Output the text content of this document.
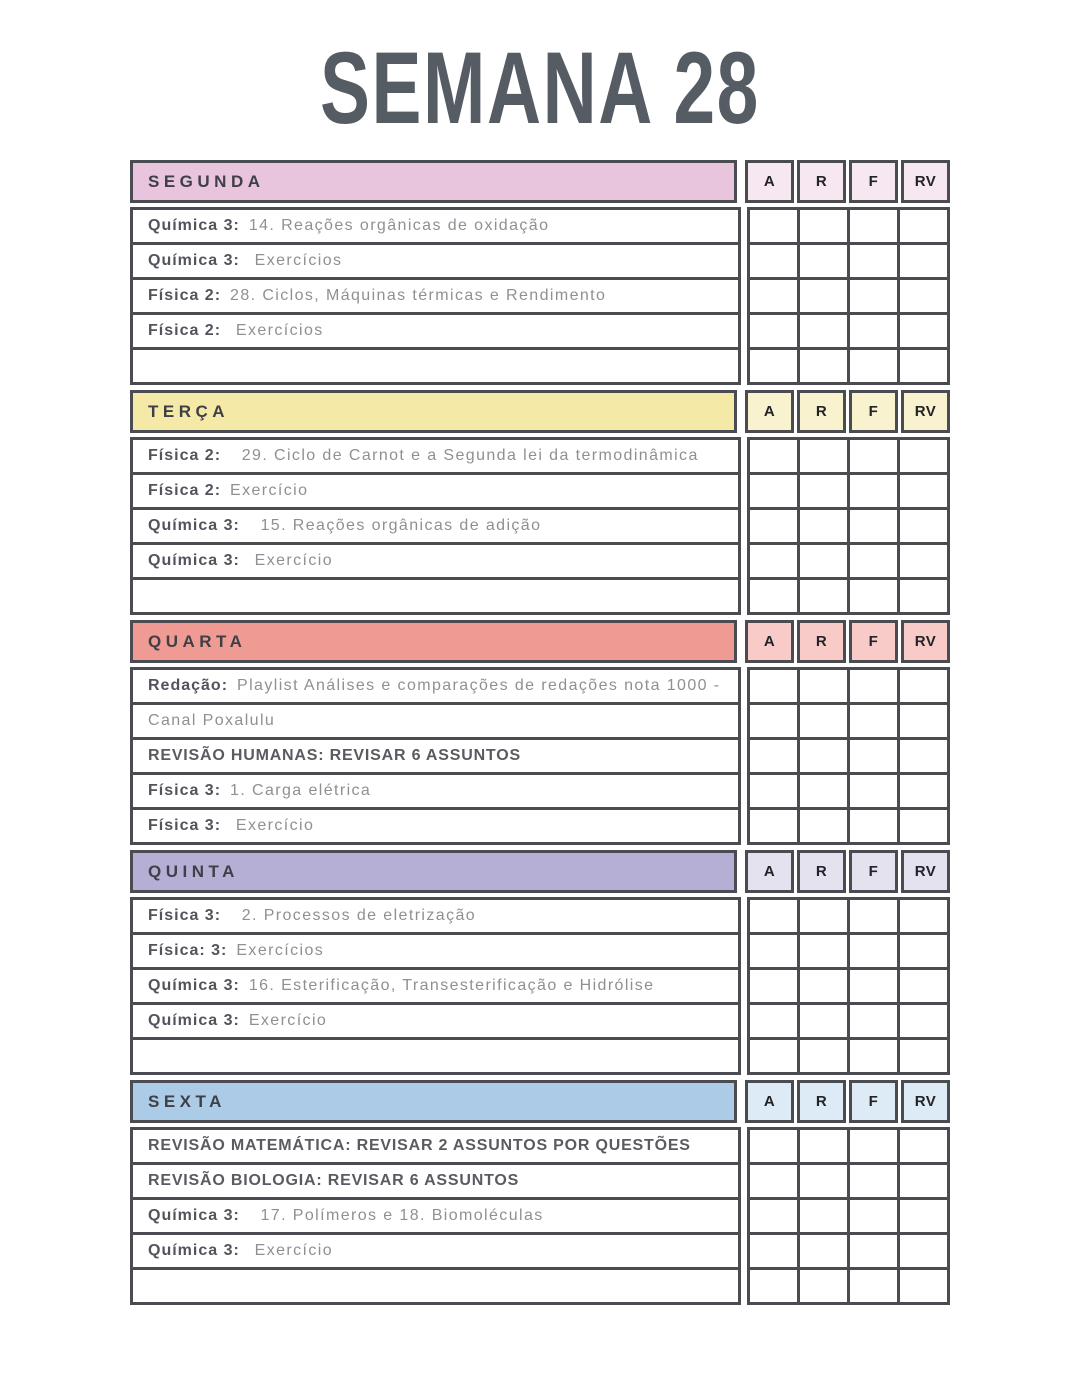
SEMANA 28
SEGUNDA	A	R	F	RV
Química 3: 14. Reações orgânicas de oxidação
Química 3: Exercícios
Física 2: 28. Ciclos, Máquinas térmicas e Rendimento
Física 2: Exercícios
TERÇA	A	R	F	RV
Física 2: 29. Ciclo de Carnot e a Segunda lei da termodinâmica
Física 2: Exercício
Química 3: 15. Reações orgânicas de adição
Química 3: Exercício
QUARTA	A	R	F	RV
Redação: Playlist Análises e comparações de redações nota 1000 -
Canal Poxalulu
REVISÃO HUMANAS: REVISAR 6 ASSUNTOS
Física 3: 1. Carga elétrica
Física 3: Exercício
QUINTA	A	R	F	RV
Física 3: 2. Processos de eletrização
Física: 3: Exercícios
Química 3: 16. Esterificação, Transesterificação e Hidrólise
Química 3: Exercício
SEXTA	A	R	F	RV
REVISÃO MATEMÁTICA: REVISAR 2 ASSUNTOS POR QUESTÕES
REVISÃO BIOLOGIA: REVISAR 6 ASSUNTOS
Química 3: 17. Polímeros e 18. Biomoléculas
Química 3: Exercício
